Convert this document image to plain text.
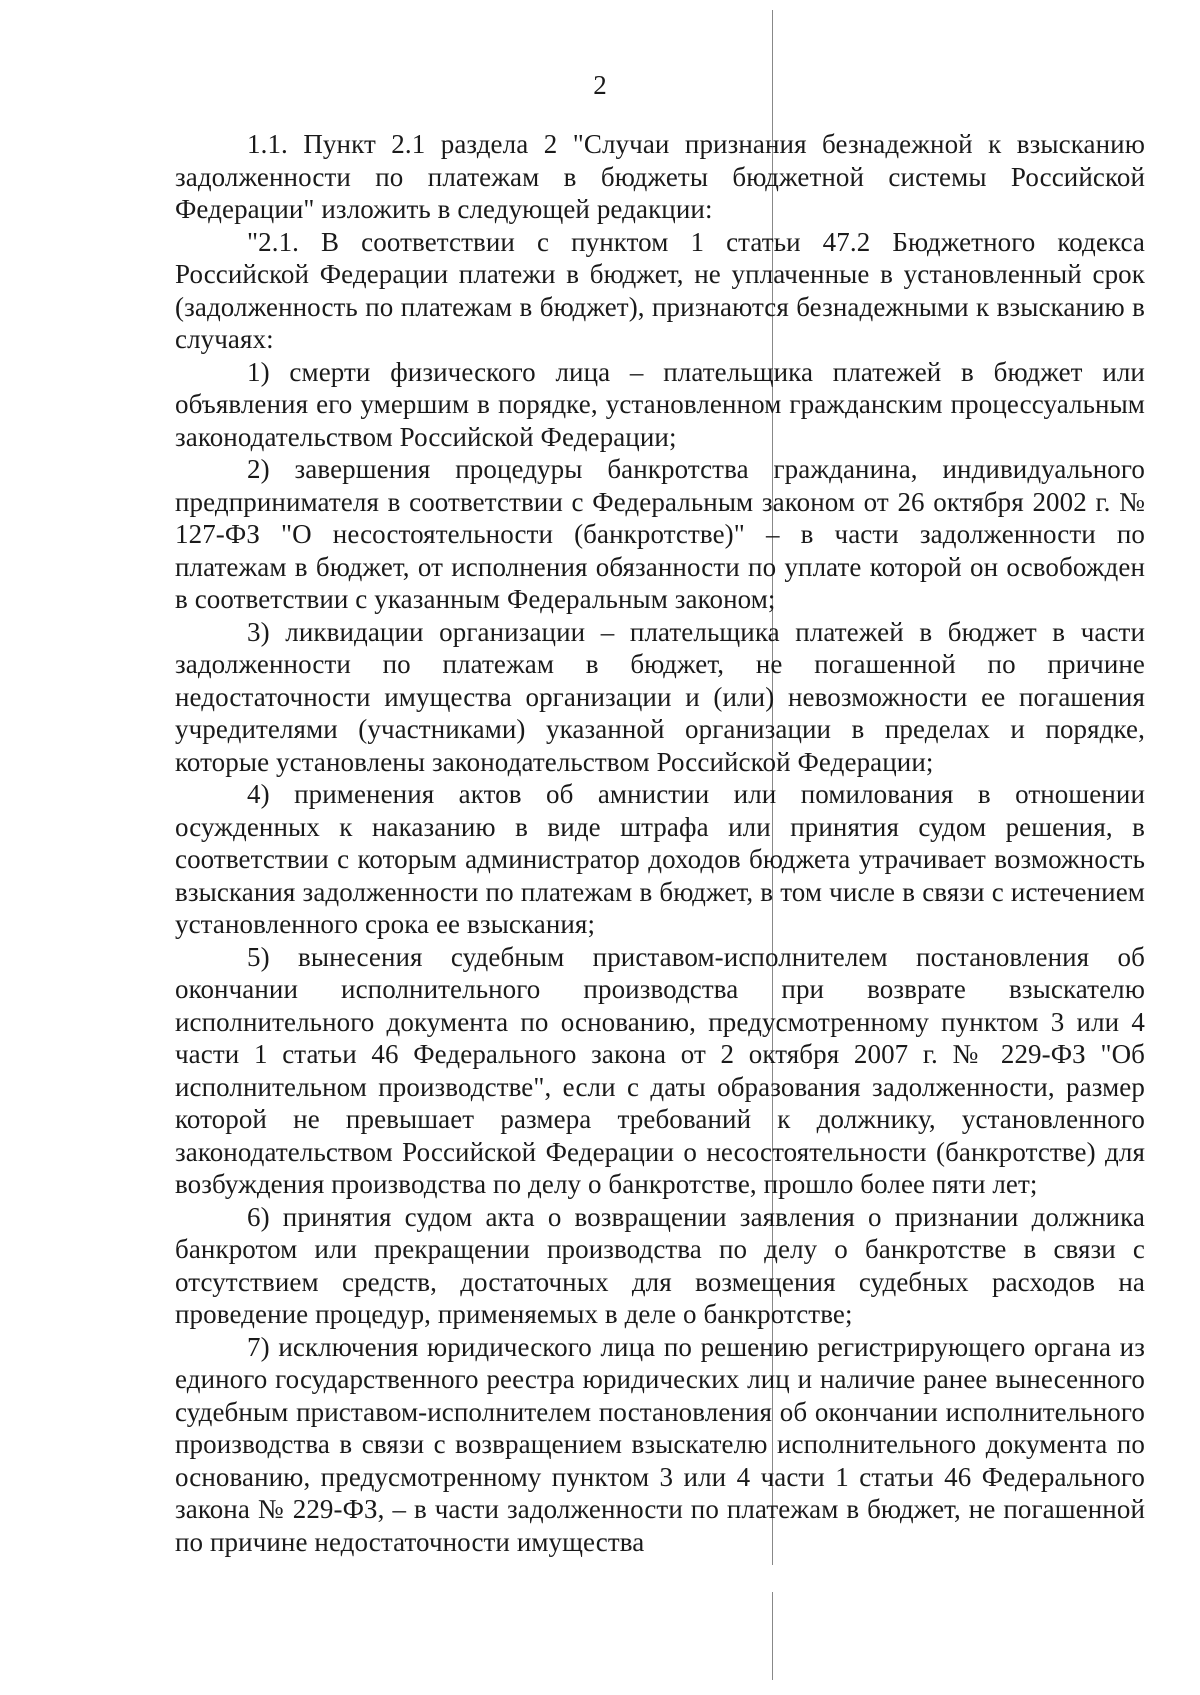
2

1.1. Пункт 2.1 раздела 2 "Случаи признания безнадежной к взысканию задолженности по платежам в бюджеты бюджетной системы Российской Федерации" изложить в следующей редакции:

"2.1. В соответствии с пунктом 1 статьи 47.2 Бюджетного кодекса Российской Федерации платежи в бюджет, не уплаченные в установленный срок (задолженность по платежам в бюджет), признаются безнадежными к взысканию в случаях:

1) смерти физического лица – плательщика платежей в бюджет или объявления его умершим в порядке, установленном гражданским процессуальным законодательством Российской Федерации;

2) завершения процедуры банкротства гражданина, индивидуального предпринимателя в соответствии с Федеральным законом от 26 октября 2002 г. № 127-ФЗ "О несостоятельности (банкротстве)" – в части задолженности по платежам в бюджет, от исполнения обязанности по уплате которой он освобожден в соответствии с указанным Федеральным законом;

3) ликвидации организации – плательщика платежей в бюджет в части задолженности по платежам в бюджет, не погашенной по причине недостаточности имущества организации и (или) невозможности ее погашения учредителями (участниками) указанной организации в пределах и порядке, которые установлены законодательством Российской Федерации;

4) применения актов об амнистии или помилования в отношении осужденных к наказанию в виде штрафа или принятия судом решения, в соответствии с которым администратор доходов бюджета утрачивает возможность взыскания задолженности по платежам в бюджет, в том числе в связи с истечением установленного срока ее взыскания;

5) вынесения судебным приставом-исполнителем постановления об окончании исполнительного производства при возврате взыскателю исполнительного документа по основанию, предусмотренному пунктом 3 или 4 части 1 статьи 46 Федерального закона от 2 октября 2007 г. № 229-ФЗ "Об исполнительном производстве", если с даты образования задолженности, размер которой не превышает размера требований к должнику, установленного законодательством Российской Федерации о несостоятельности (банкротстве) для возбуждения производства по делу о банкротстве, прошло более пяти лет;

6) принятия судом акта о возвращении заявления о признании должника банкротом или прекращении производства по делу о банкротстве в связи с отсутствием средств, достаточных для возмещения судебных расходов на проведение процедур, применяемых в деле о банкротстве;

7) исключения юридического лица по решению регистрирующего органа из единого государственного реестра юридических лиц и наличие ранее вынесенного судебным приставом-исполнителем постановления об окончании исполнительного производства в связи с возвращением взыскателю исполнительного документа по основанию, предусмотренному пунктом 3 или 4 части 1 статьи 46 Федерального закона № 229-ФЗ, – в части задолженности по платежам в бюджет, не погашенной по причине недостаточности имущества
